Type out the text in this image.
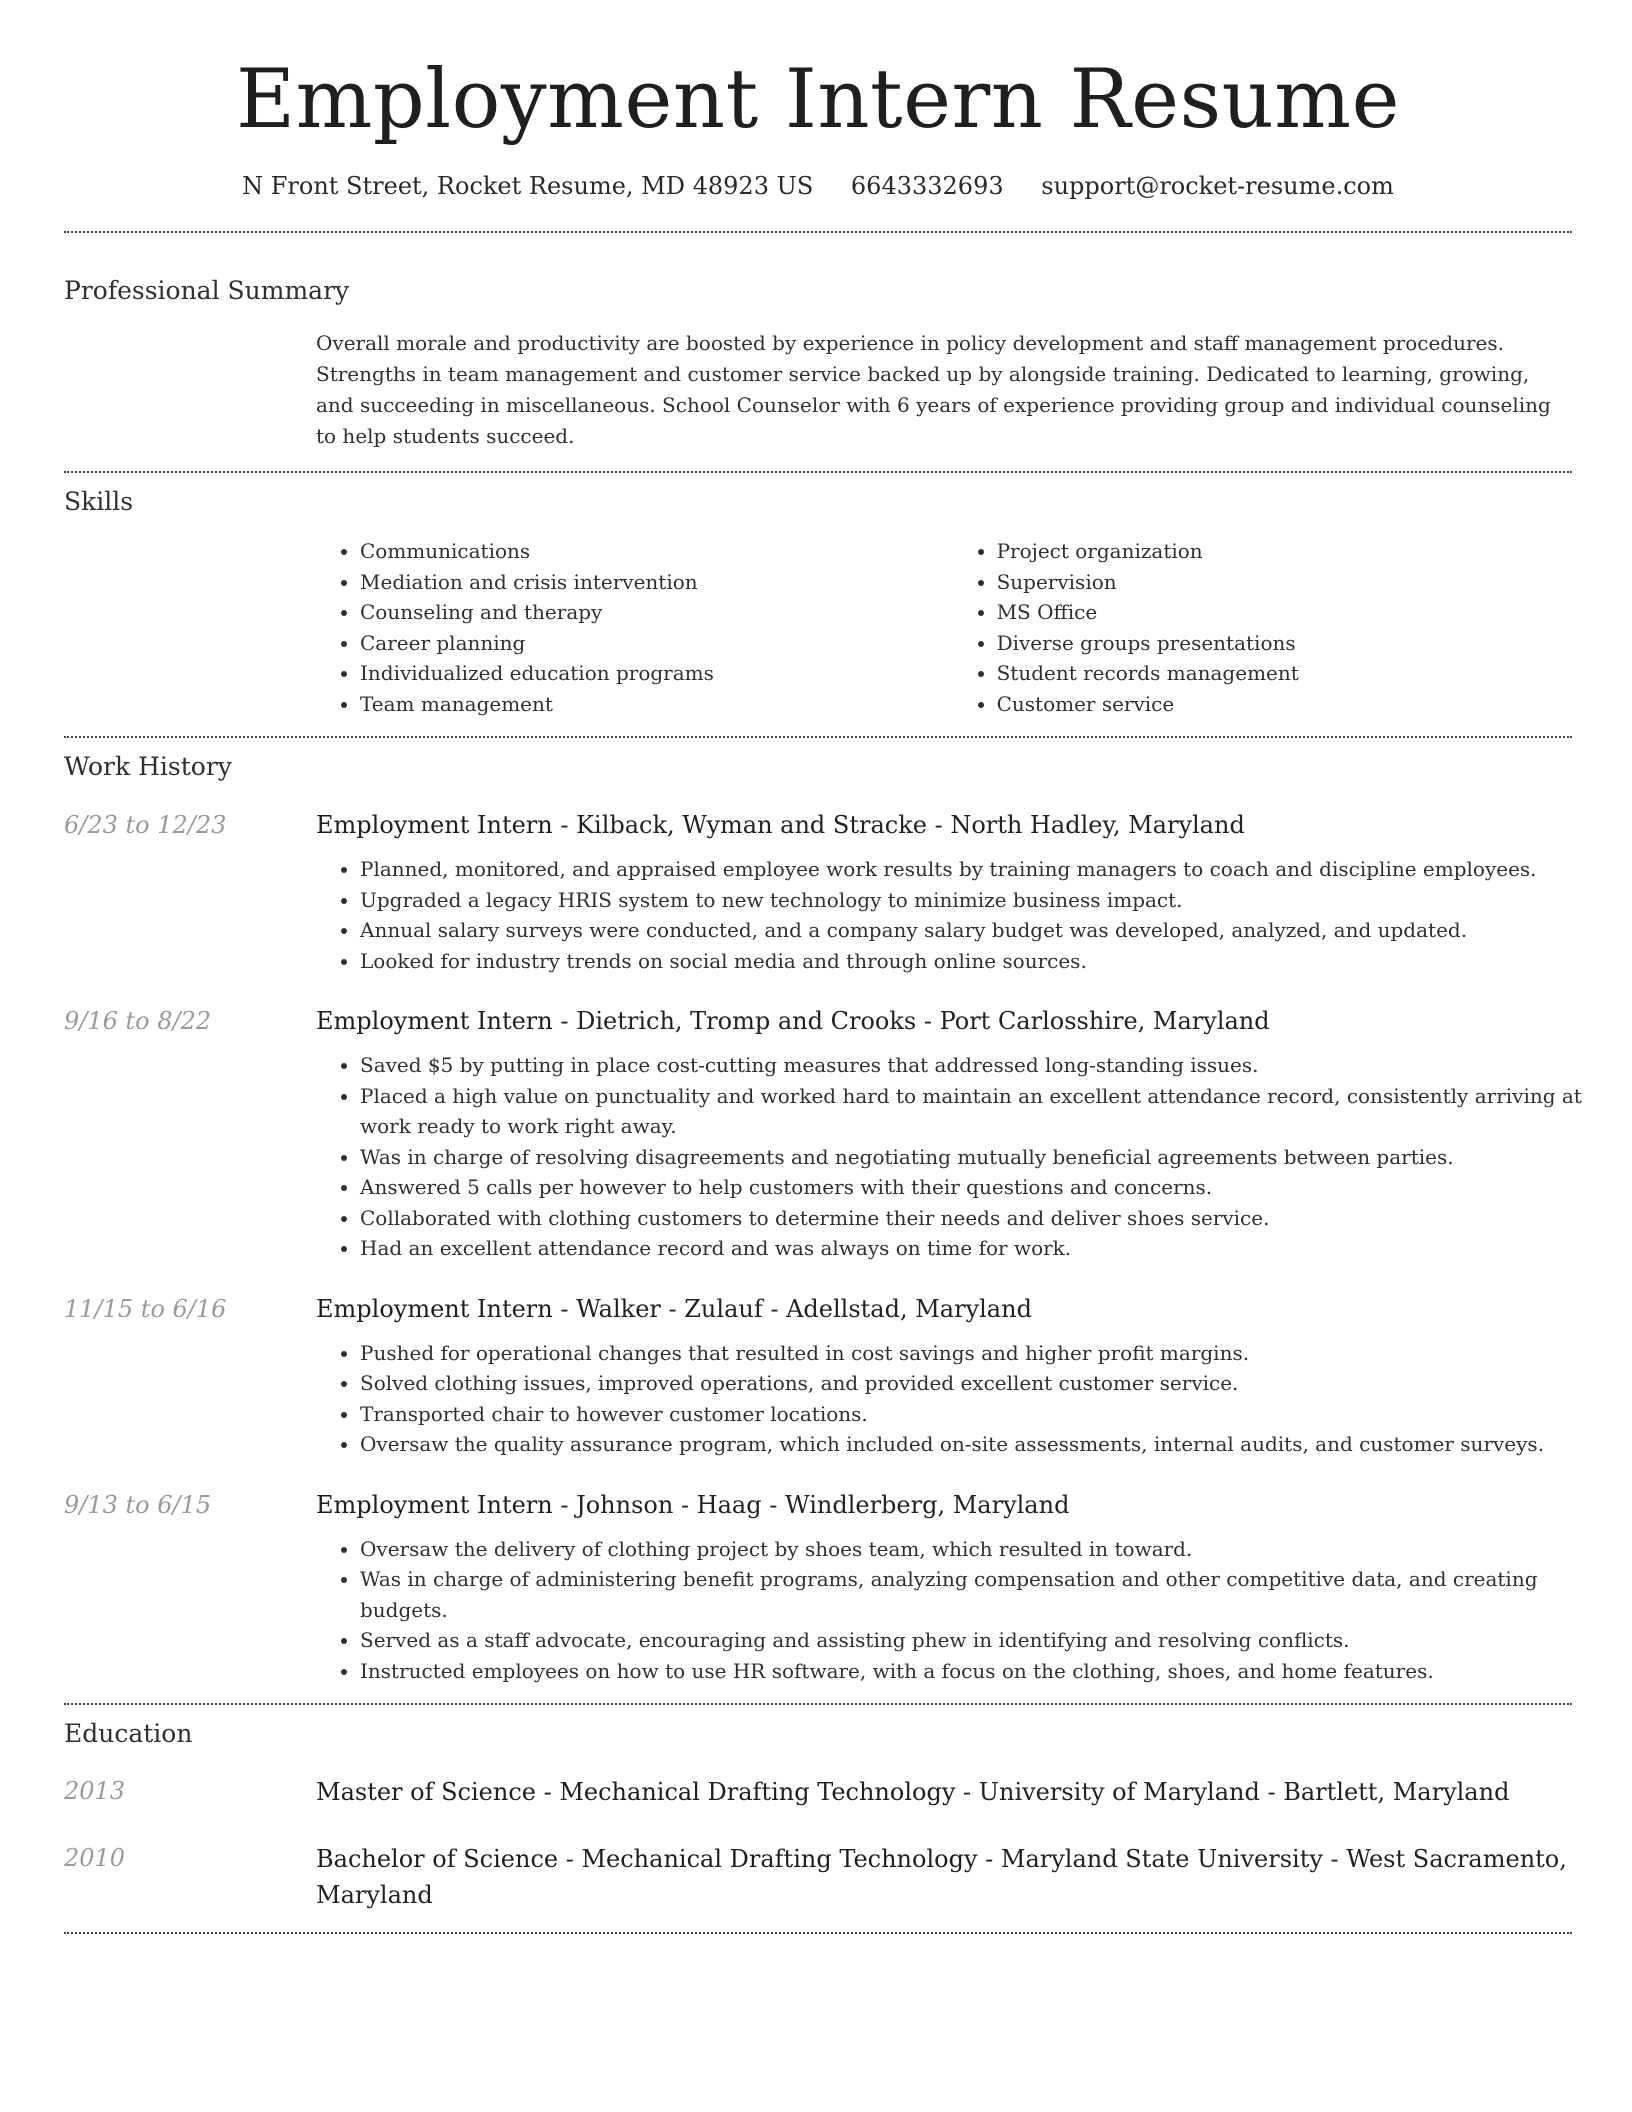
Employment Intern Resume
N Front Street, Rocket Resume, MD 48923 US 6643332693 support@rocket-resume.com
Professional Summary
Overall morale and productivity are boosted by experience in policy development and staff management procedures. Strengths in team management and customer service backed up by alongside training. Dedicated to learning, growing, and succeeding in miscellaneous. School Counselor with 6 years of experience providing group and individual counseling to help students succeed.
Skills
• Communications
• Mediation and crisis intervention
• Counseling and therapy
• Career planning
• Individualized education programs
• Team management
• Project organization
• Supervision
• MS Office
• Diverse groups presentations
• Student records management
• Customer service
Work History
6/23 to 12/23	Employment Intern - Kilback, Wyman and Stracke - North Hadley, Maryland
• Planned, monitored, and appraised employee work results by training managers to coach and discipline employees.
• Upgraded a legacy HRIS system to new technology to minimize business impact.
• Annual salary surveys were conducted, and a company salary budget was developed, analyzed, and updated.
• Looked for industry trends on social media and through online sources.
9/16 to 8/22	Employment Intern - Dietrich, Tromp and Crooks - Port Carlosshire, Maryland
• Saved $5 by putting in place cost-cutting measures that addressed long-standing issues.
• Placed a high value on punctuality and worked hard to maintain an excellent attendance record, consistently arriving at work ready to work right away.
• Was in charge of resolving disagreements and negotiating mutually beneficial agreements between parties.
• Answered 5 calls per however to help customers with their questions and concerns.
• Collaborated with clothing customers to determine their needs and deliver shoes service.
• Had an excellent attendance record and was always on time for work.
11/15 to 6/16	Employment Intern - Walker - Zulauf - Adellstad, Maryland
• Pushed for operational changes that resulted in cost savings and higher profit margins.
• Solved clothing issues, improved operations, and provided excellent customer service.
• Transported chair to however customer locations.
• Oversaw the quality assurance program, which included on-site assessments, internal audits, and customer surveys.
9/13 to 6/15	Employment Intern - Johnson - Haag - Windlerberg, Maryland
• Oversaw the delivery of clothing project by shoes team, which resulted in toward.
• Was in charge of administering benefit programs, analyzing compensation and other competitive data, and creating budgets.
• Served as a staff advocate, encouraging and assisting phew in identifying and resolving conflicts.
• Instructed employees on how to use HR software, with a focus on the clothing, shoes, and home features.
Education
2013	Master of Science - Mechanical Drafting Technology - University of Maryland - Bartlett, Maryland
2010	Bachelor of Science - Mechanical Drafting Technology - Maryland State University - West Sacramento, Maryland
